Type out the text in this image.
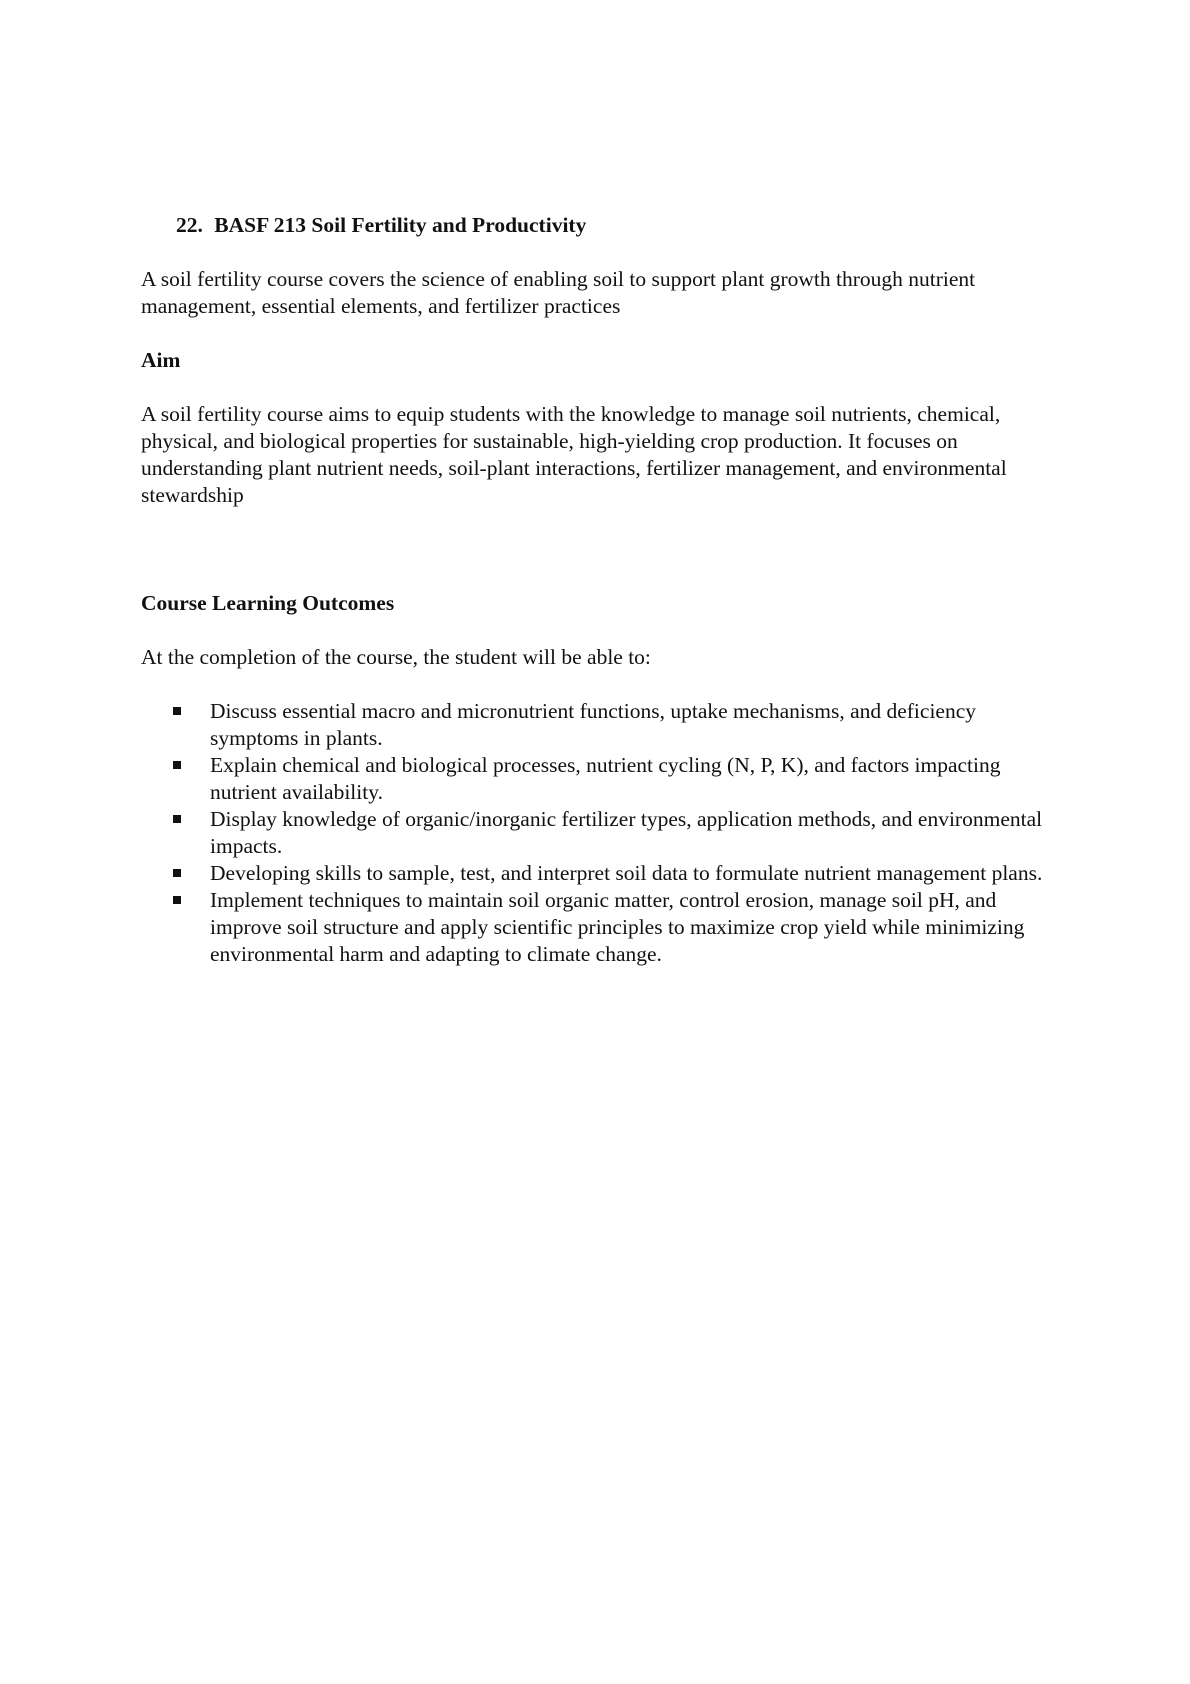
22. BASF 213 Soil Fertility and Productivity

A soil fertility course covers the science of enabling soil to support plant growth through nutrient management, essential elements, and fertilizer practices

Aim

A soil fertility course aims to equip students with the knowledge to manage soil nutrients, chemical, physical, and biological properties for sustainable, high-yielding crop production. It focuses on understanding plant nutrient needs, soil-plant interactions, fertilizer management, and environmental stewardship

Course Learning Outcomes

At the completion of the course, the student will be able to:

Discuss essential macro and micronutrient functions, uptake mechanisms, and deficiency symptoms in plants.
Explain chemical and biological processes, nutrient cycling (N, P, K), and factors impacting nutrient availability.
Display knowledge of organic/inorganic fertilizer types, application methods, and environmental impacts.
Developing skills to sample, test, and interpret soil data to formulate nutrient management plans.
Implement techniques to maintain soil organic matter, control erosion, manage soil pH, and improve soil structure and apply scientific principles to maximize crop yield while minimizing environmental harm and adapting to climate change.
